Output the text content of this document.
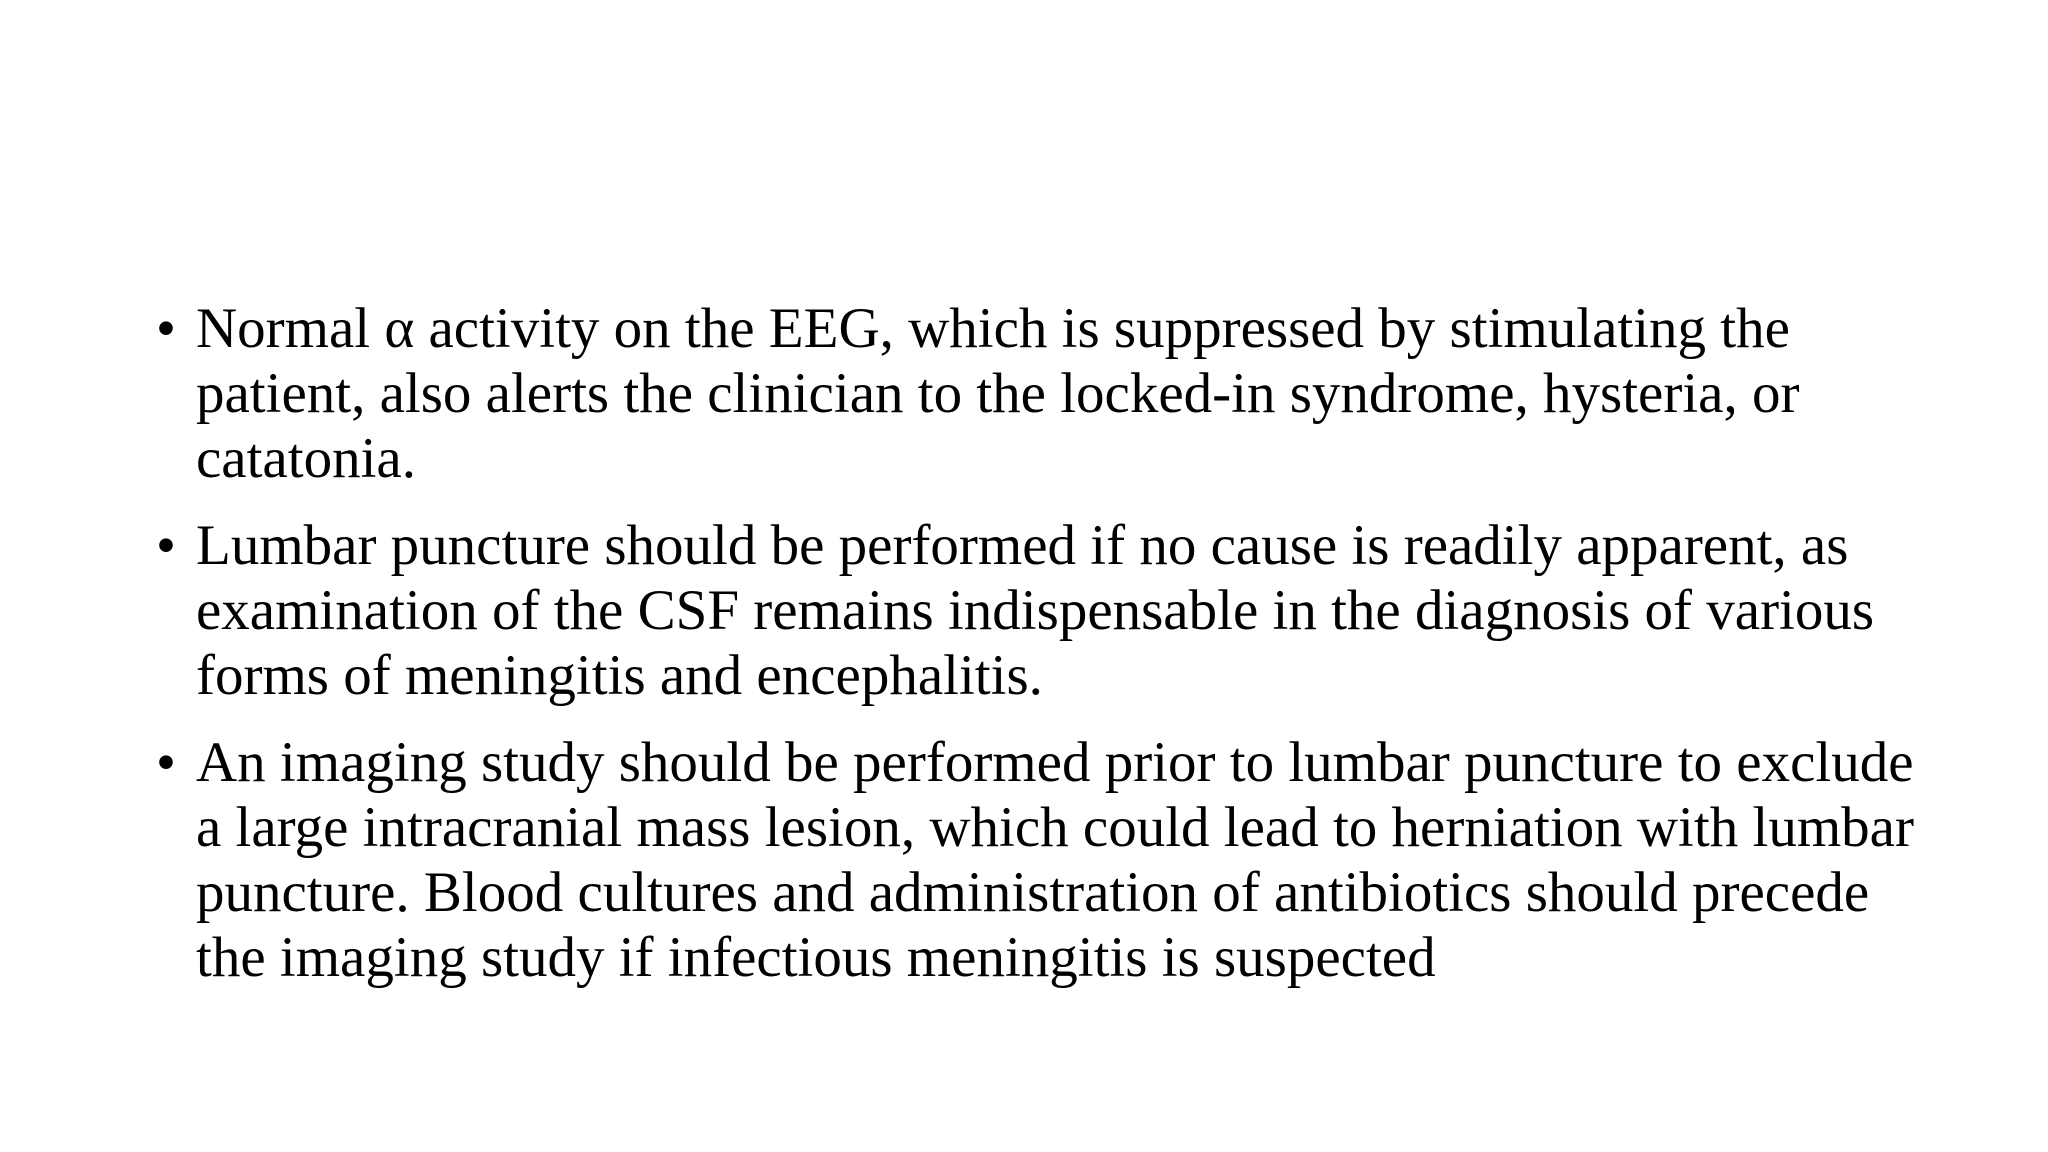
• Normal α activity on the EEG, which is suppressed by stimulating the patient, also alerts the clinician to the locked-in syndrome, hysteria, or catatonia.
• Lumbar puncture should be performed if no cause is readily apparent, as examination of the CSF remains indispensable in the diagnosis of various forms of meningitis and encephalitis.
• An imaging study should be performed prior to lumbar puncture to exclude a large intracranial mass lesion, which could lead to herniation with lumbar puncture. Blood cultures and administration of antibiotics should precede the imaging study if infectious meningitis is suspected
